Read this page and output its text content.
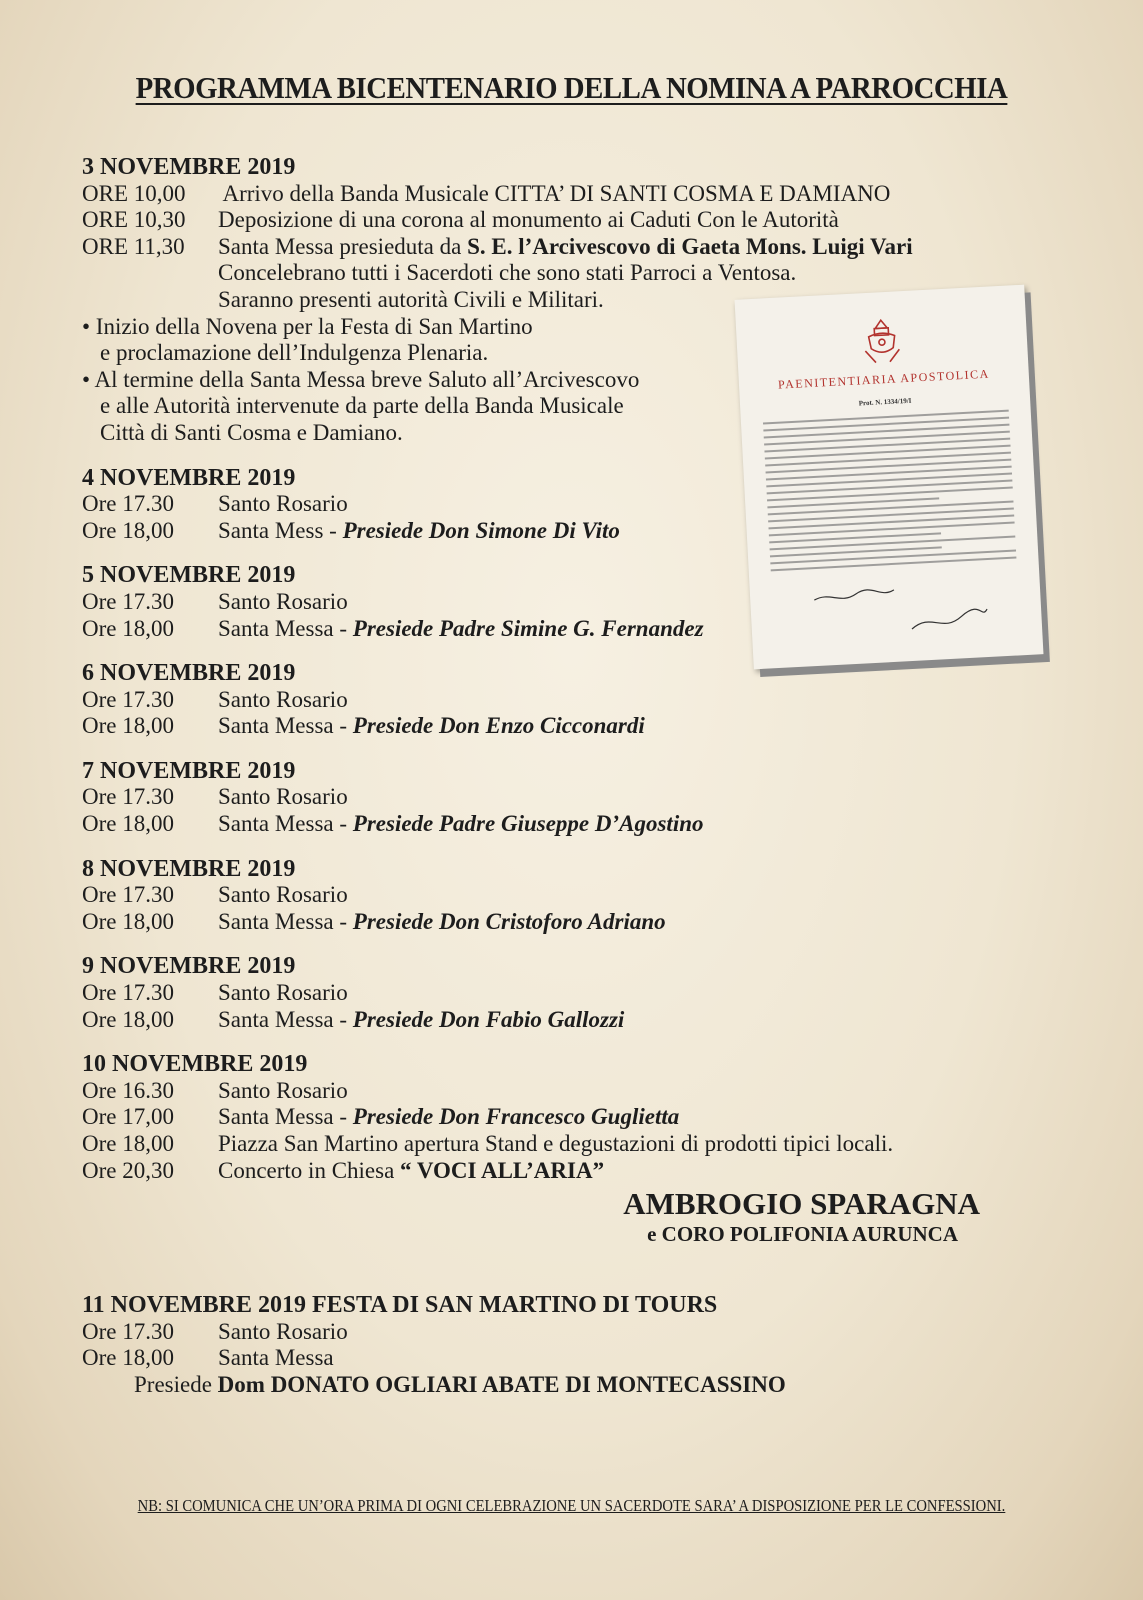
PROGRAMMA BICENTENARIO DELLA NOMINA A PARROCCHIA
3 NOVEMBRE 2019
ORE 10,00 Arrivo della Banda Musicale CITTA’ DI SANTI COSMA E DAMIANO
ORE 10,30 Deposizione di una corona al monumento ai Caduti Con le Autorità
ORE 11,30 Santa Messa presieduta da S. E. l’Arcivescovo di Gaeta Mons. Luigi Vari
Concelebrano tutti i Sacerdoti che sono stati Parroci a Ventosa.
Saranno presenti autorità Civili e Militari.
• Inizio della Novena per la Festa di San Martino
e proclamazione dell’Indulgenza Plenaria.
• Al termine della Santa Messa breve Saluto all’Arcivescovo
e alle Autorità intervenute da parte della Banda Musicale
Città di Santi Cosma e Damiano.
4 NOVEMBRE 2019
Ore 17.30 Santo Rosario
Ore 18,00 Santa Mess - Presiede Don Simone Di Vito
5 NOVEMBRE 2019
Ore 17.30 Santo Rosario
Ore 18,00 Santa Messa - Presiede Padre Simine G. Fernandez
6 NOVEMBRE 2019
Ore 17.30 Santo Rosario
Ore 18,00 Santa Messa - Presiede Don Enzo Cicconardi
7 NOVEMBRE 2019
Ore 17.30 Santo Rosario
Ore 18,00 Santa Messa - Presiede Padre Giuseppe D’Agostino
8 NOVEMBRE 2019
Ore 17.30 Santo Rosario
Ore 18,00 Santa Messa - Presiede Don Cristoforo Adriano
9 NOVEMBRE 2019
Ore 17.30 Santo Rosario
Ore 18,00 Santa Messa - Presiede Don Fabio Gallozzi
10 NOVEMBRE 2019
Ore 16.30 Santo Rosario
Ore 17,00 Santa Messa - Presiede Don Francesco Guglietta
Ore 18,00 Piazza San Martino apertura Stand e degustazioni di prodotti tipici locali.
Ore 20,30 Concerto in Chiesa “ VOCI ALL’ARIA”
AMBROGIO SPARAGNA
e CORO POLIFONIA AURUNCA
11 NOVEMBRE 2019 FESTA DI SAN MARTINO DI TOURS
Ore 17.30 Santo Rosario
Ore 18,00 Santa Messa
Presiede Dom DONATO OGLIARI ABATE DI MONTECASSINO
NB: SI COMUNICA CHE UN’ORA PRIMA DI OGNI CELEBRAZIONE UN SACERDOTE SARA’ A DISPOSIZIONE PER LE CONFESSIONI.
PAENITENTIARIA APOSTOLICA
Prot. N. 1334/19/I
